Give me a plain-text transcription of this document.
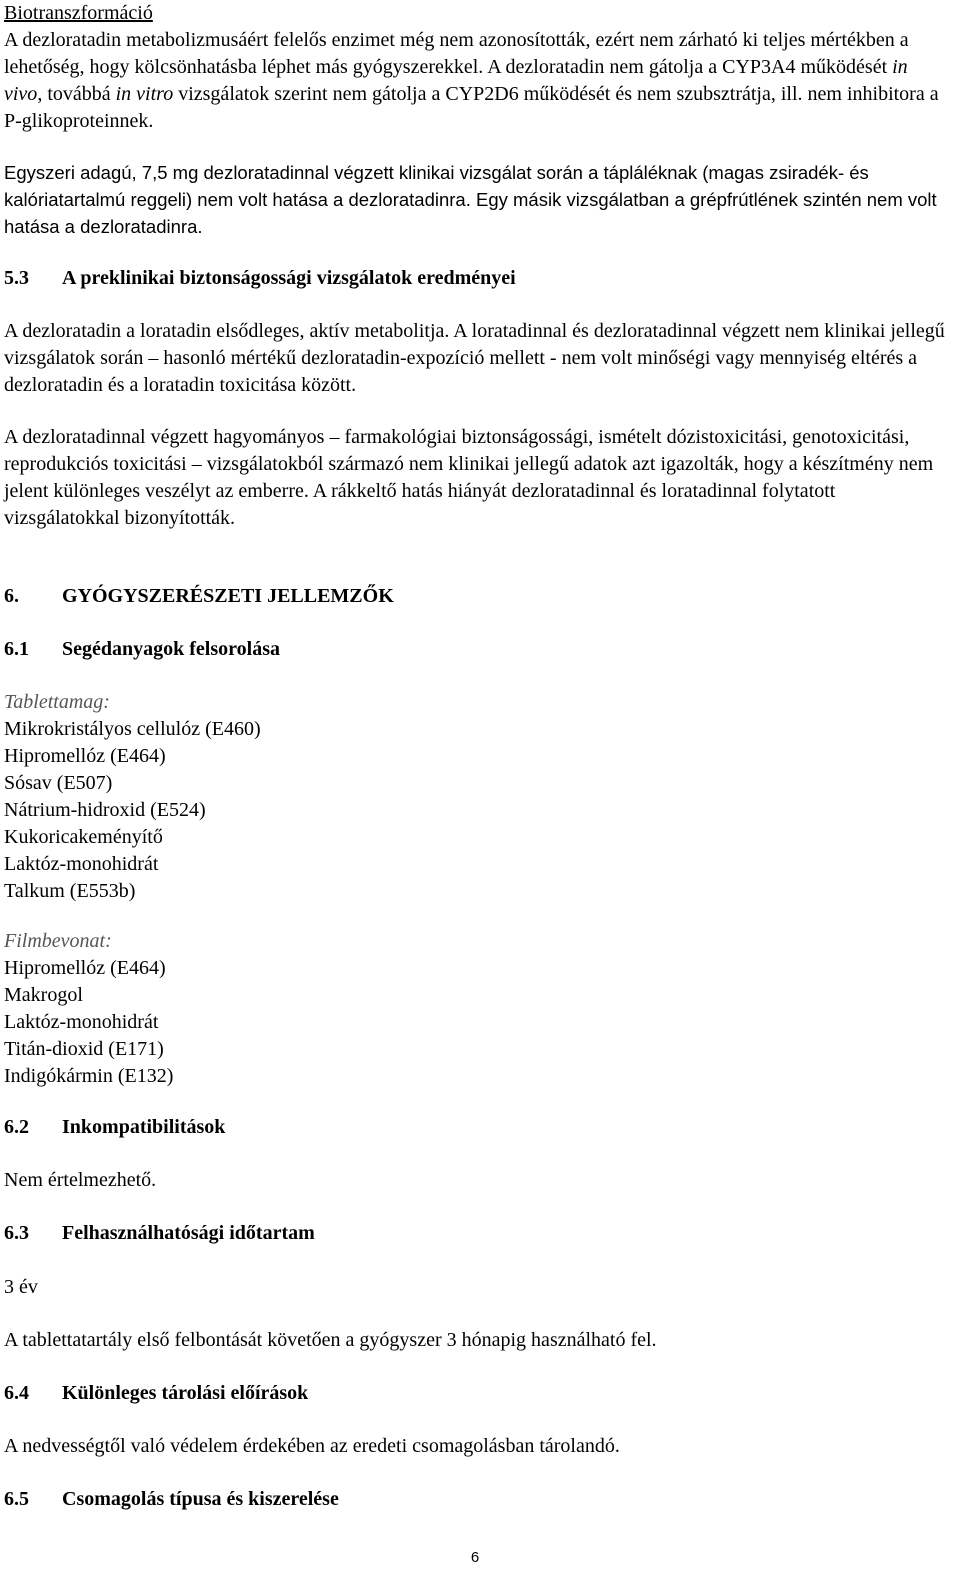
Biotranszformáció

A dezloratadin metabolizmusáért felelős enzimet még nem azonosították, ezért nem zárható ki teljes mértékben a lehetőség, hogy kölcsönhatásba léphet más gyógyszerekkel. A dezloratadin nem gátolja a CYP3A4 működését in vivo, továbbá in vitro vizsgálatok szerint nem gátolja a CYP2D6 működését és nem szubsztrátja, ill. nem inhibitora a P-glikoproteinnek.

Egyszeri adagú, 7,5 mg dezloratadinnal végzett klinikai vizsgálat során a tápláléknak (magas zsiradék- és kalóriatartalmú reggeli) nem volt hatása a dezloratadinra. Egy másik vizsgálatban a grépfrútlének szintén nem volt hatása a dezloratadinra.

5.3 A preklinikai biztonságossági vizsgálatok eredményei

A dezloratadin a loratadin elsődleges, aktív metabolitja. A loratadinnal és dezloratadinnal végzett nem klinikai jellegű vizsgálatok során – hasonló mértékű dezloratadin-expozíció mellett - nem volt minőségi vagy mennyiség eltérés a dezloratadin és a loratadin toxicitása között.

A dezloratadinnal végzett hagyományos – farmakológiai biztonságossági, ismételt dózistoxicitási, genotoxicitási, reprodukciós toxicitási – vizsgálatokból származó nem klinikai jellegű adatok azt igazolták, hogy a készítmény nem jelent különleges veszélyt az emberre. A rákkeltő hatás hiányát dezloratadinnal és loratadinnal folytatott vizsgálatokkal bizonyították.

6. GYÓGYSZERÉSZETI JELLEMZŐK

6.1 Segédanyagok felsorolása

Tablettamag:

Mikrokristályos cellulóz (E460)

Hipromellóz (E464)

Sósav (E507)

Nátrium-hidroxid (E524)

Kukoricakeményítő

Laktóz-monohidrát

Talkum (E553b)

Filmbevonat:

Hipromellóz (E464)

Makrogol

Laktóz-monohidrát

Titán-dioxid (E171)

Indigókármin (E132)

6.2 Inkompatibilitások

Nem értelmezhető.

6.3 Felhasználhatósági időtartam

3 év

A tablettatartály első felbontását követően a gyógyszer 3 hónapig használható fel.

6.4 Különleges tárolási előírások

A nedvességtől való védelem érdekében az eredeti csomagolásban tárolandó.

6.5 Csomagolás típusa és kiszerelése

6
